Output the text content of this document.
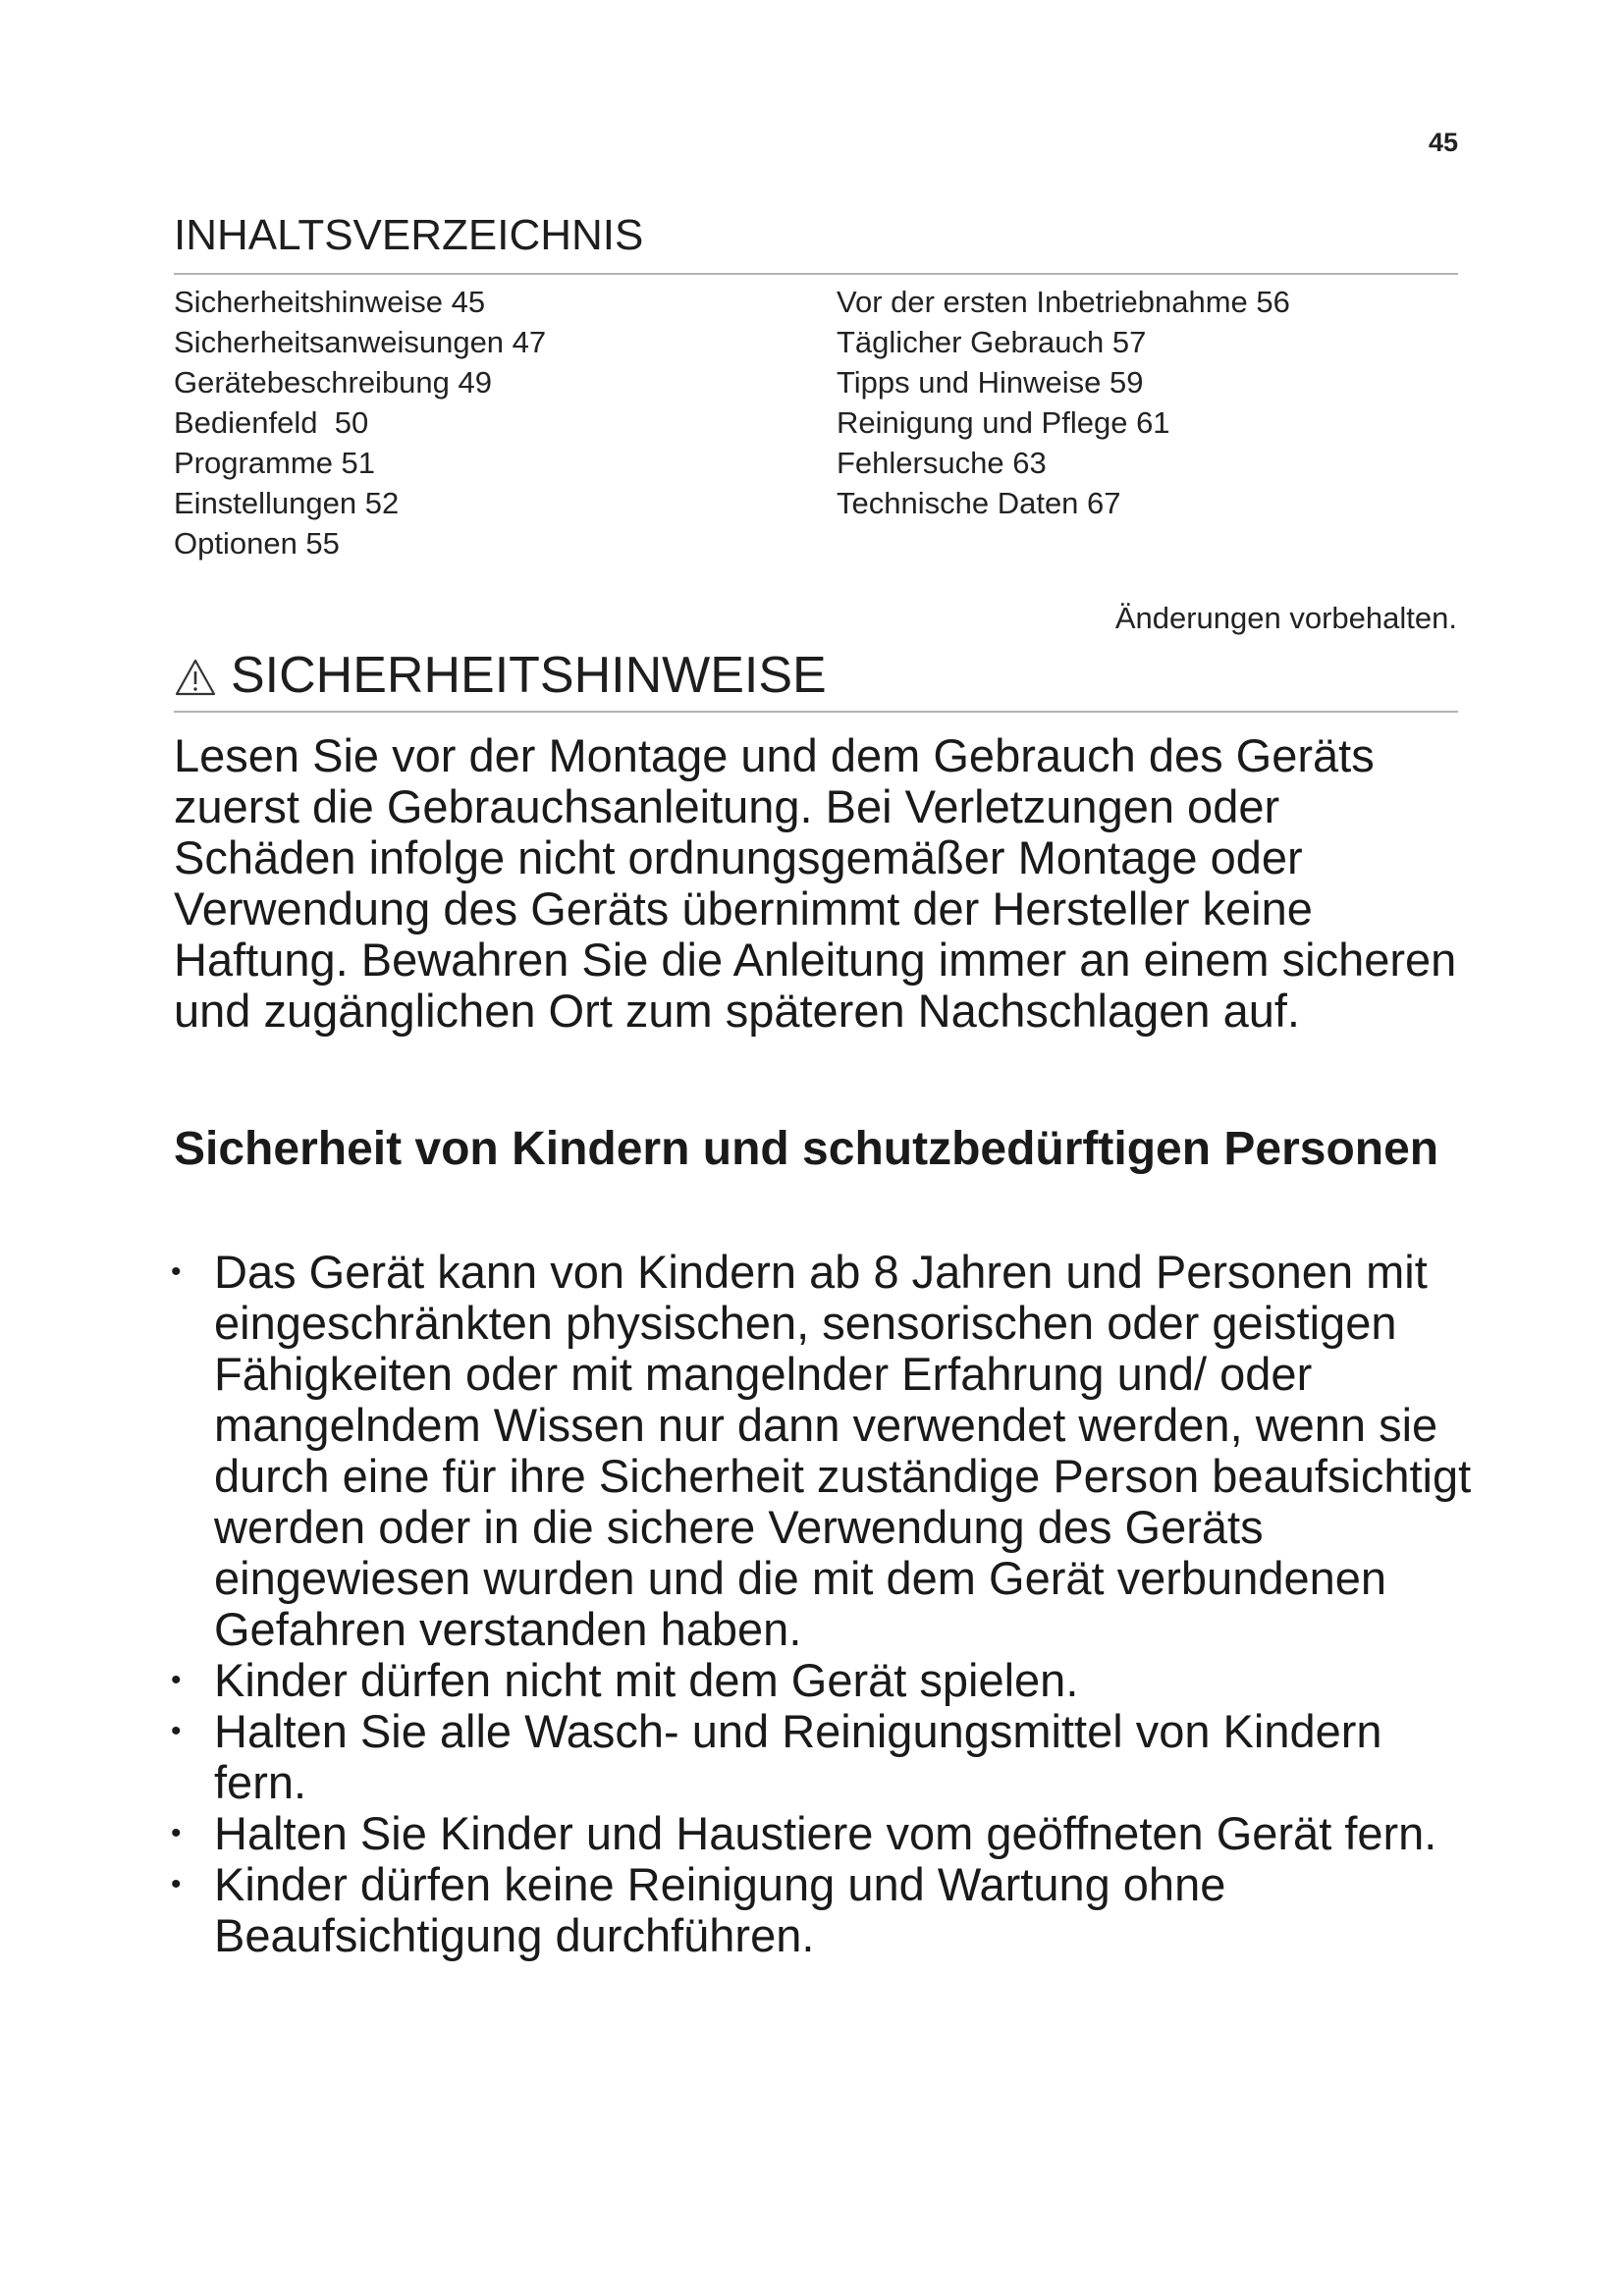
45
INHALTSVERZEICHNIS
Sicherheitshinweise 45
Sicherheitsanweisungen 47
Gerätebeschreibung 49
Bedienfeld  50
Programme 51
Einstellungen 52
Optionen 55
Vor der ersten Inbetriebnahme 56
Täglicher Gebrauch 57
Tipps und Hinweise 59
Reinigung und Pflege 61
Fehlersuche 63
Technische Daten 67
Änderungen vorbehalten.
SICHERHEITSHINWEISE

Lesen Sie vor der Montage und dem Gebrauch des Geräts zuerst die Gebrauchsanleitung. Bei Verletzungen oder Schäden infolge nicht ordnungsgemäßer Montage oder Verwendung des Geräts übernimmt der Hersteller keine Haftung. Bewahren Sie die Anleitung immer an einem sicheren und zugänglichen Ort zum späteren Nachschlagen auf.

Sicherheit von Kindern und schutzbedürftigen Personen
• Das Gerät kann von Kindern ab 8 Jahren und Personen mit eingeschränkten physischen, sensorischen oder geistigen Fähigkeiten oder mit mangelnder Erfahrung und/ oder mangelndem Wissen nur dann verwendet werden, wenn sie durch eine für ihre Sicherheit zuständige Person beaufsichtigt werden oder in die sichere Verwendung des Geräts eingewiesen wurden und die mit dem Gerät verbundenen Gefahren verstanden haben.
• Kinder dürfen nicht mit dem Gerät spielen.
• Halten Sie alle Wasch- und Reinigungsmittel von Kindern fern.
• Halten Sie Kinder und Haustiere vom geöffneten Gerät fern.
• Kinder dürfen keine Reinigung und Wartung ohne Beaufsichtigung durchführen.
